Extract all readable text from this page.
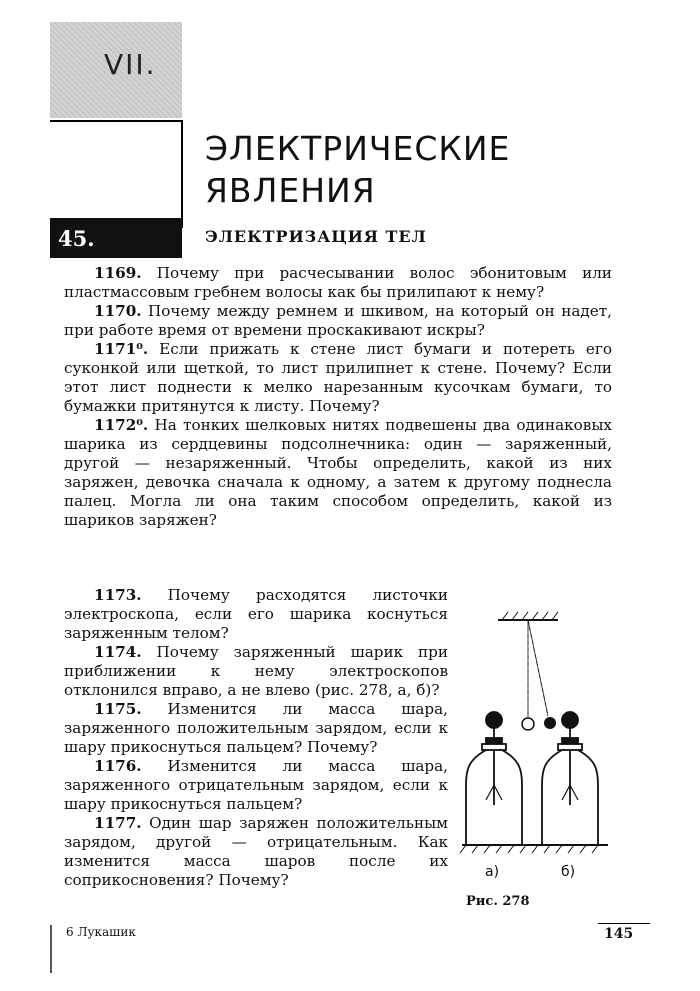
VII.
ЭЛЕКТРИЧЕСКИЕ
ЯВЛЕНИЯ
45.	ЭЛЕКТРИЗАЦИЯ ТЕЛ

1169. Почему при расчесывании волос эбонитовым или пластмассовым гребнем волосы как бы прилипают к нему?

1170. Почему между ремнем и шкивом, на который он надет, при работе время от времени проскакивают искры?

1171⁰. Если прижать к стене лист бумаги и потереть его суконкой или щеткой, то лист прилипнет к стене. Почему? Если этот лист поднести к мелко нарезанным кусочкам бумаги, то бумажки притянутся к листу. Почему?

1172⁰. На тонких шелковых нитях подвешены два одинаковых шарика из сердцевины подсолнечника: один — заряженный, другой — незаряженный. Чтобы определить, какой из них заряжен, девочка сначала к одному, а затем к другому поднесла палец. Могла ли она таким способом определить, какой из шариков заряжен?

1173. Почему расходятся листочки электроскопа, если его шарика коснуться заряженным телом?

1174. Почему заряженный шарик при приближении к нему электроскопов отклонился вправо, а не влево (рис. 278, а, б)?

1175. Изменится ли масса шара, заряженного положительным зарядом, если к шару прикоснуться пальцем? Почему?

1176. Изменится ли масса шара, заряженного отрицательным зарядом, если к шару прикоснуться пальцем?

1177. Один шар заряжен положительным зарядом, другой — отрицательным. Как изменится масса шаров после их соприкосновения? Почему?	а)	б)
Рис. 278
6 Лукашик	145
